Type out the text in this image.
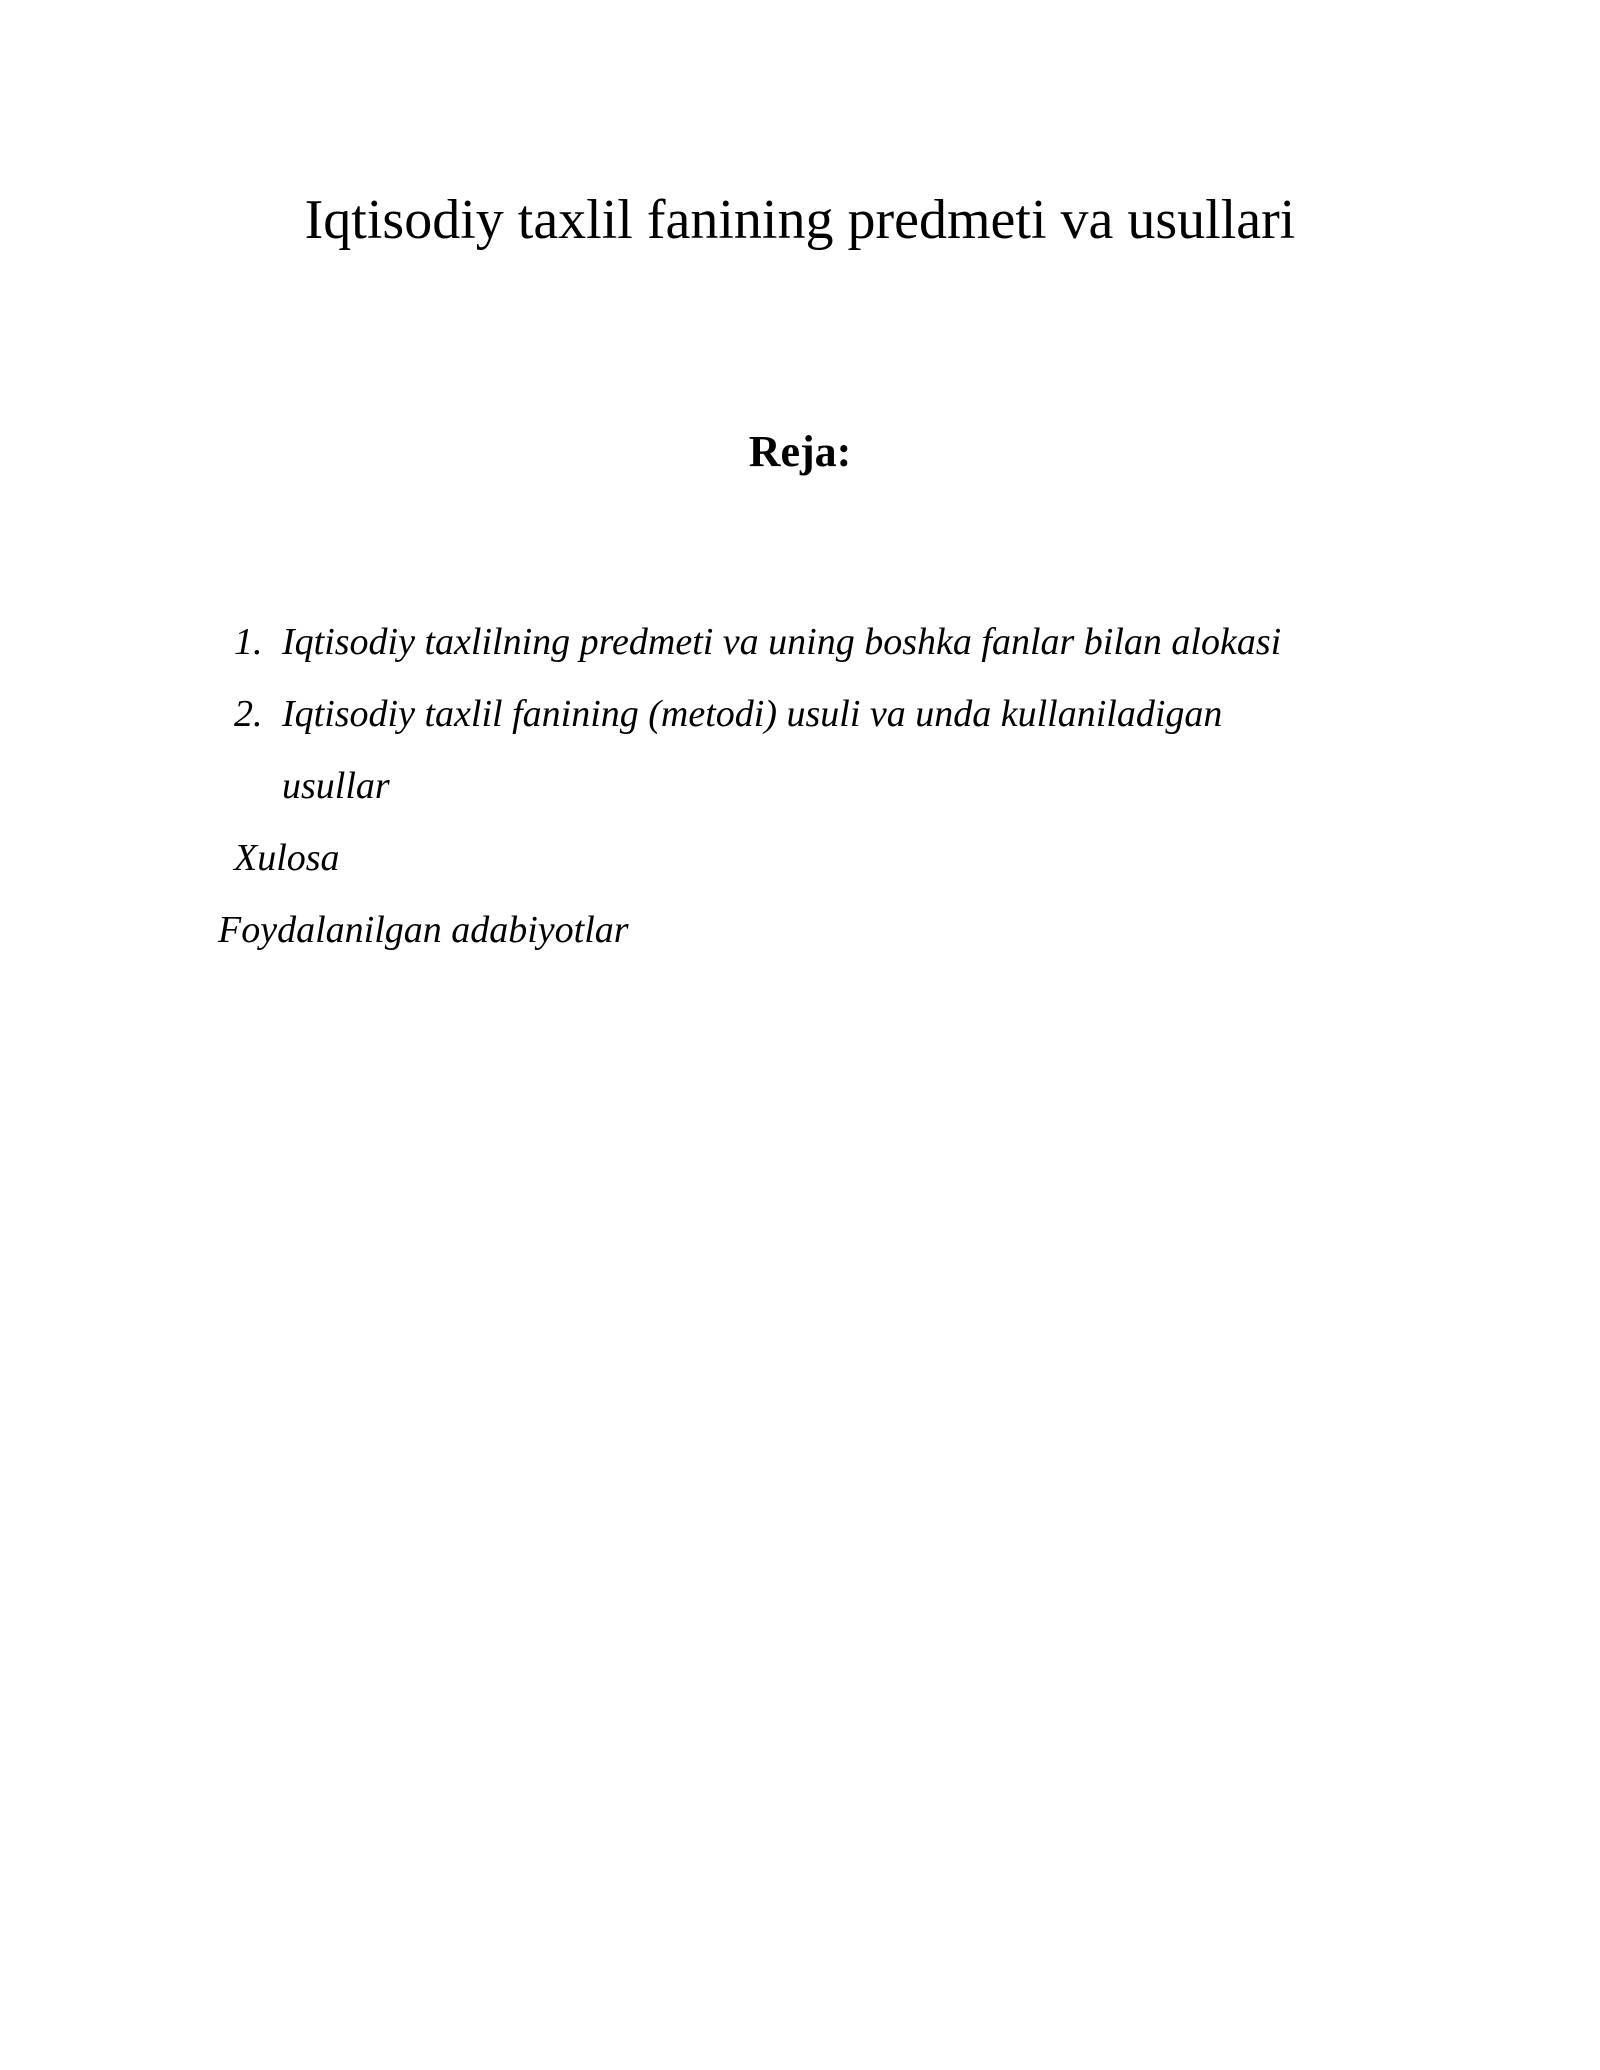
Iqtisodiy taxlil fanining predmeti va usullari
Reja:
1. Iqtisodiy taxlilning predmeti va uning boshka fanlar bilan alokasi
2. Iqtisodiy taxlil fanining (metodi) usuli va unda kullaniladigan
usullar

Xulosa

Foydalanilgan adabiyotlar
